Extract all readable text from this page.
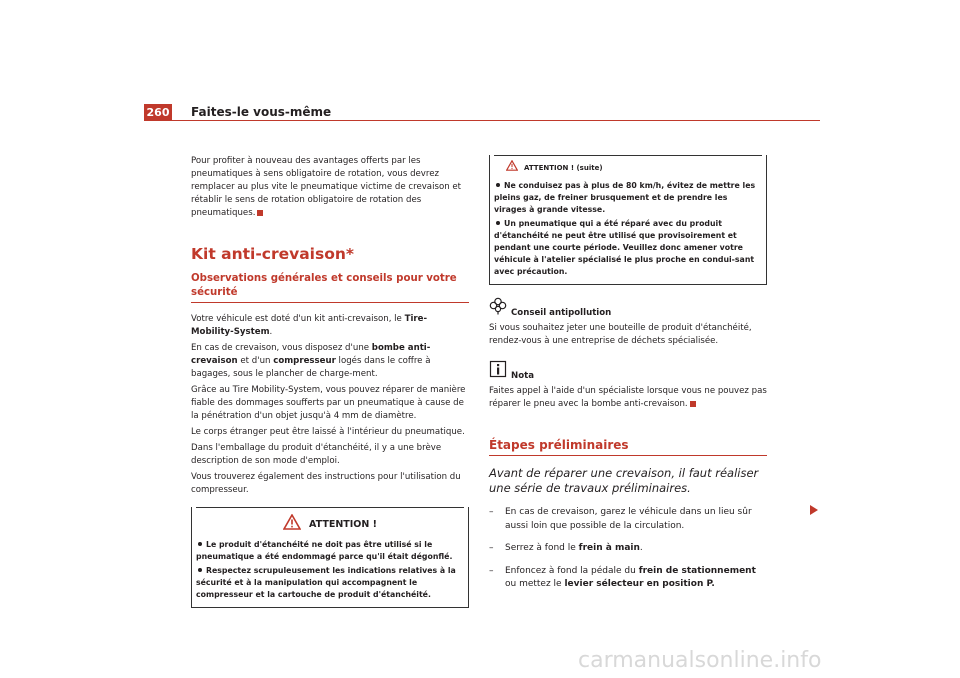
260 Faites-le vous-même

Pour profiter à nouveau des avantages offerts par les pneumatiques à sens obligatoire de rotation, vous devrez remplacer au plus vite le pneumatique victime de crevaison et rétablir le sens de rotation obligatoire de rotation des pneumatiques.

Kit anti-crevaison*
Observations générales et conseils pour votre sécurité

Votre véhicule est doté d'un kit anti-crevaison, le Tire-Mobility-System.

En cas de crevaison, vous disposez d'une bombe anti-crevaison et d'un compresseur logés dans le coffre à bagages, sous le plancher de charge-ment.

Grâce au Tire Mobility-System, vous pouvez réparer de manière fiable des dommages soufferts par un pneumatique à cause de la pénétration d'un objet jusqu'à 4 mm de diamètre.

Le corps étranger peut être laissé à l'intérieur du pneumatique.

Dans l'emballage du produit d'étanchéité, il y a une brève description de son mode d'emploi.

Vous trouverez également des instructions pour l'utilisation du compresseur.

ATTENTION !
Le produit d'étanchéité ne doit pas être utilisé si le pneumatique a été endommagé parce qu'il était dégonflé.
Respectez scrupuleusement les indications relatives à la sécurité et à la manipulation qui accompagnent le compresseur et la cartouche de produit d'étanchéité.
ATTENTION ! (suite)
Ne conduisez pas à plus de 80 km/h, évitez de mettre les pleins gaz, de freiner brusquement et de prendre les virages à grande vitesse.
Un pneumatique qui a été réparé avec du produit d'étanchéité ne peut être utilisé que provisoirement et pendant une courte période. Veuillez donc amener votre véhicule à l'atelier spécialisé le plus proche en condui-sant avec précaution.
Conseil antipollution

Si vous souhaitez jeter une bouteille de produit d'étanchéité, rendez-vous à une entreprise de déchets spécialisée.

Nota

Faites appel à l'aide d'un spécialiste lorsque vous ne pouvez pas réparer le pneu avec la bombe anti-crevaison.

Étapes préliminaires
Avant de réparer une crevaison, il faut réaliser une série de travaux préliminaires.
– En cas de crevaison, garez le véhicule dans un lieu sûr aussi loin que possible de la circulation.
– Serrez à fond le frein à main.
– Enfoncez à fond la pédale du frein de stationnement ou mettez le levier sélecteur en position P.
carmanualsonline.info
